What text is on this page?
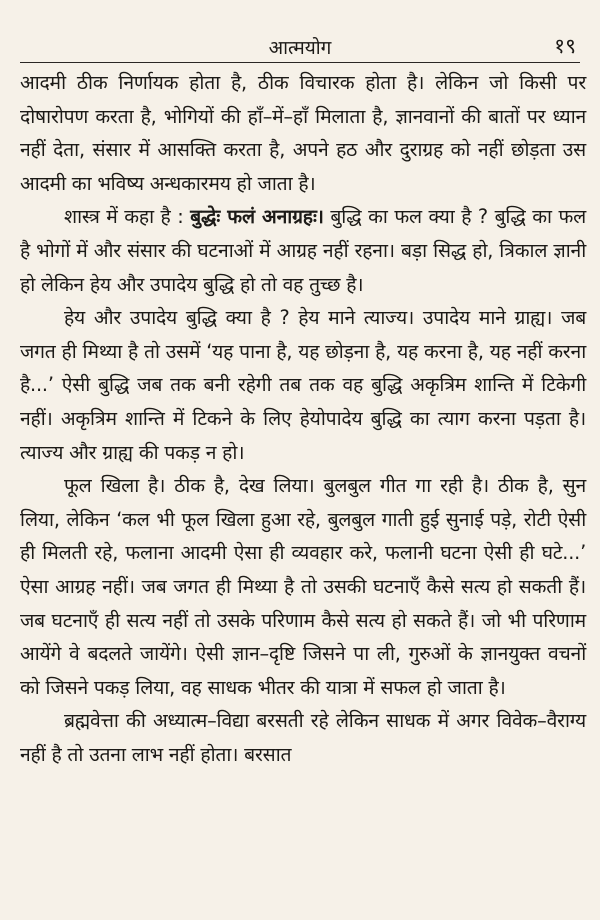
आत्मयोग	१९

आदमी ठीक निर्णायक होता है, ठीक विचारक होता है। लेकिन जो किसी पर दोषारोपण करता है, भोगियों की हाँ–में–हाँ मिलाता है, ज्ञानवानों की बातों पर ध्यान नहीं देता, संसार में आसक्ति करता है, अपने हठ और दुराग्रह को नहीं छोड़ता उस आदमी का भविष्य अन्धकारमय हो जाता है।

शास्त्र में कहा है : बुद्धेः फलं अनाग्रहः। बुद्धि का फल क्या है ? बुद्धि का फल है भोगों में और संसार की घटनाओं में आग्रह नहीं रहना। बड़ा सिद्ध हो, त्रिकाल ज्ञानी हो लेकिन हेय और उपादेय बुद्धि हो तो वह तुच्छ है।

हेय और उपादेय बुद्धि क्या है ? हेय माने त्याज्य। उपादेय माने ग्राह्य। जब जगत ही मिथ्या है तो उसमें ‘यह पाना है, यह छोड़ना है, यह करना है, यह नहीं करना है...’ ऐसी बुद्धि जब तक बनी रहेगी तब तक वह बुद्धि अकृत्रिम शान्ति में टिकेगी नहीं। अकृत्रिम शान्ति में टिकने के लिए हेयोपादेय बुद्धि का त्याग करना पड़ता है। त्याज्य और ग्राह्य की पकड़ न हो।

फूल खिला है। ठीक है, देख लिया। बुलबुल गीत गा रही है। ठीक है, सुन लिया, लेकिन ‘कल भी फूल खिला हुआ रहे, बुलबुल गाती हुई सुनाई पड़े, रोटी ऐसी ही मिलती रहे, फलाना आदमी ऐसा ही व्यवहार करे, फलानी घटना ऐसी ही घटे...’ ऐसा आग्रह नहीं। जब जगत ही मिथ्या है तो उसकी घटनाएँ कैसे सत्य हो सकती हैं। जब घटनाएँ ही सत्य नहीं तो उसके परिणाम कैसे सत्य हो सकते हैं। जो भी परिणाम आयेंगे वे बदलते जायेंगे। ऐसी ज्ञान–दृष्टि जिसने पा ली, गुरुओं के ज्ञानयुक्त वचनों को जिसने पकड़ लिया, वह साधक भीतर की यात्रा में सफल हो जाता है।

ब्रह्मवेत्ता की अध्यात्म–विद्या बरसती रहे लेकिन साधक में अगर विवेक–वैराग्य नहीं है तो उतना लाभ नहीं होता। बरसात
